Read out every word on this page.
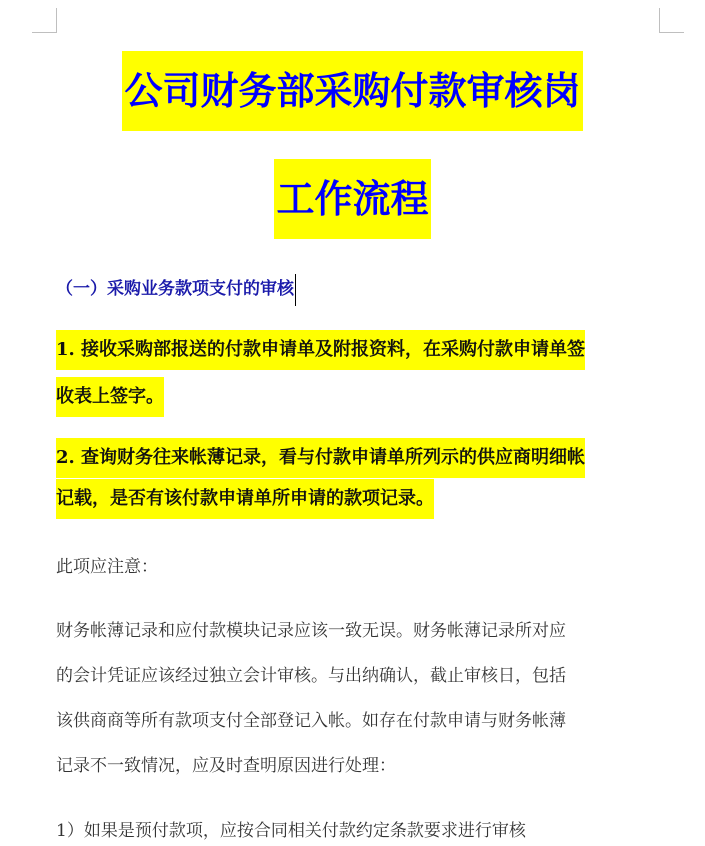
公司财务部采购付款审核岗
工作流程
（一）采购业务款项支付的审核
1. 接收采购部报送的付款申请单及附报资料，在采购付款申请单签
收表上签字。
2. 查询财务往来帐薄记录，看与付款申请单所列示的供应商明细帐
记载，是否有该付款申请单所申请的款项记录。
此项应注意：
财务帐薄记录和应付款模块记录应该一致无误。财务帐薄记录所对应
的会计凭证应该经过独立会计审核。与出纳确认，截止审核日，包括
该供商商等所有款项支付全部登记入帐。如存在付款申请与财务帐薄
记录不一致情况，应及时查明原因进行处理：
1）如果是预付款项，应按合同相关付款约定条款要求进行审核
